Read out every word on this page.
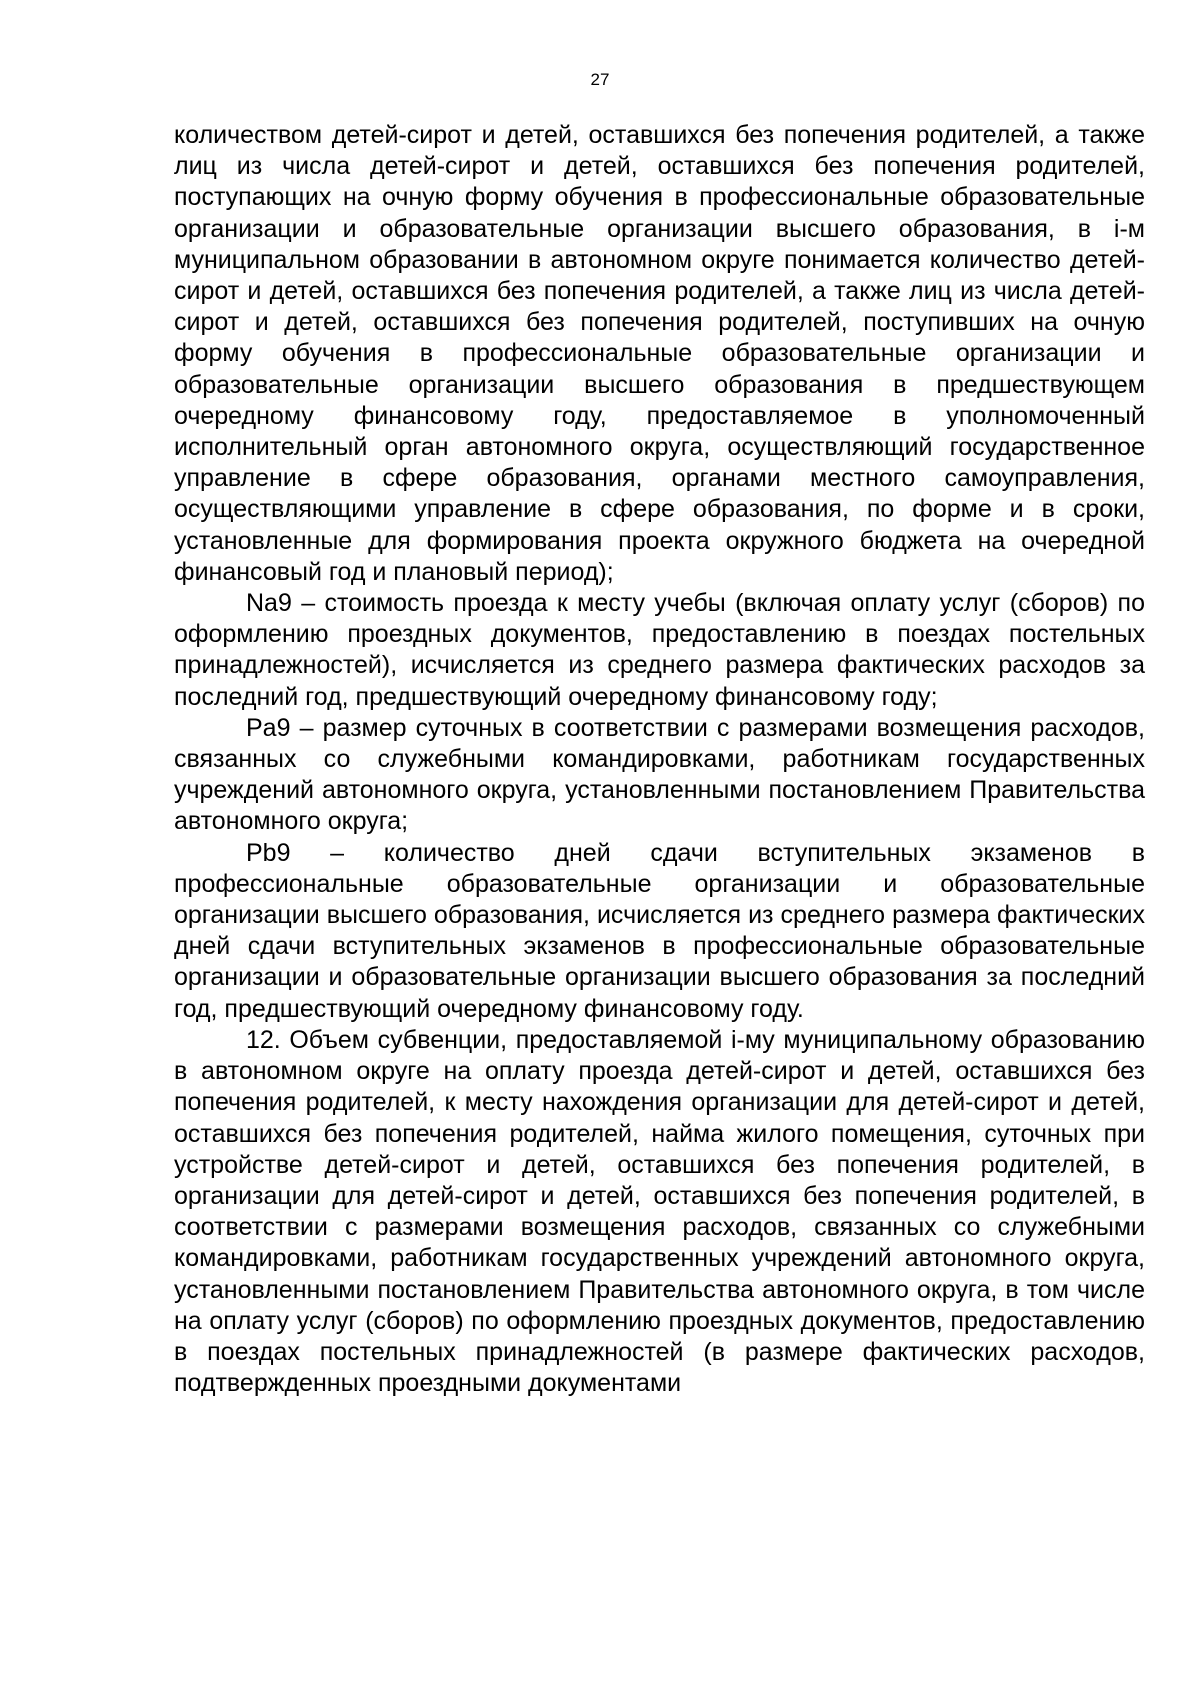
27

количеством детей-сирот и детей, оставшихся без попечения родителей, а также лиц из числа детей-сирот и детей, оставшихся без попечения родителей, поступающих на очную форму обучения в профессиональные образовательные организации и образовательные организации высшего образования, в i-м муниципальном образовании в автономном округе понимается количество детей-сирот и детей, оставшихся без попечения родителей, а также лиц из числа детей-сирот и детей, оставшихся без попечения родителей, поступивших на очную форму обучения в профессиональные образовательные организации и образовательные организации высшего образования в предшествующем очередному финансовому году, предоставляемое в уполномоченный исполнительный орган автономного округа, осуществляющий государственное управление в сфере образования, органами местного самоуправления, осуществляющими управление в сфере образования, по форме и в сроки, установленные для формирования проекта окружного бюджета на очередной финансовый год и плановый период);

Na9 – стоимость проезда к месту учебы (включая оплату услуг (сборов) по оформлению проездных документов, предоставлению в поездах постельных принадлежностей), исчисляется из среднего размера фактических расходов за последний год, предшествующий очередному финансовому году;

Pa9 – размер суточных в соответствии с размерами возмещения расходов, связанных со служебными командировками, работникам государственных учреждений автономного округа, установленными постановлением Правительства автономного округа;

Pb9 – количество дней сдачи вступительных экзаменов в профессиональные образовательные организации и образовательные организации высшего образования, исчисляется из среднего размера фактических дней сдачи вступительных экзаменов в профессиональные образовательные организации и образовательные организации высшего образования за последний год, предшествующий очередному финансовому году.

12. Объем субвенции, предоставляемой i-му муниципальному образованию в автономном округе на оплату проезда детей-сирот и детей, оставшихся без попечения родителей, к месту нахождения организации для детей-сирот и детей, оставшихся без попечения родителей, найма жилого помещения, суточных при устройстве детей-сирот и детей, оставшихся без попечения родителей, в организации для детей-сирот и детей, оставшихся без попечения родителей, в соответствии с размерами возмещения расходов, связанных со служебными командировками, работникам государственных учреждений автономного округа, установленными постановлением Правительства автономного округа, в том числе на оплату услуг (сборов) по оформлению проездных документов, предоставлению в поездах постельных принадлежностей (в размере фактических расходов, подтвержденных проездными документами
